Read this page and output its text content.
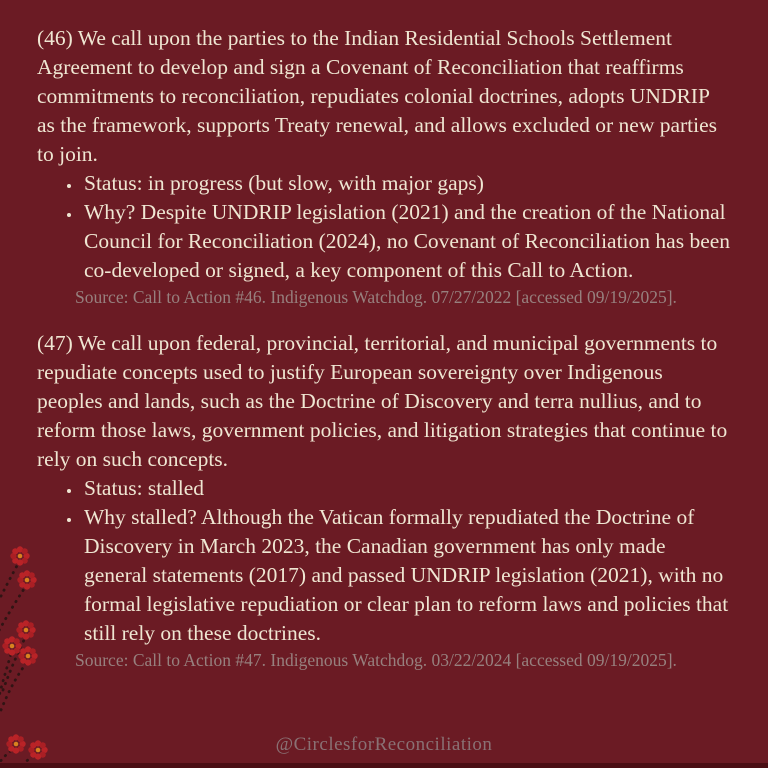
(46) We call upon the parties to the Indian Residential Schools Settlement Agreement to develop and sign a Covenant of Reconciliation that reaffirms commitments to reconciliation, repudiates colonial doctrines, adopts UNDRIP as the framework, supports Treaty renewal, and allows excluded or new parties to join.

• Status: in progress (but slow, with major gaps)
• Why? Despite UNDRIP legislation (2021) and the creation of the National Council for Reconciliation (2024), no Covenant of Reconciliation has been co-developed or signed, a key component of this Call to Action.

Source: Call to Action #46. Indigenous Watchdog. 07/27/2022 [accessed 09/19/2025].

(47) We call upon federal, provincial, territorial, and municipal governments to repudiate concepts used to justify European sovereignty over Indigenous peoples and lands, such as the Doctrine of Discovery and terra nullius, and to reform those laws, government policies, and litigation strategies that continue to rely on such concepts.

• Status: stalled
• Why stalled? Although the Vatican formally repudiated the Doctrine of Discovery in March 2023, the Canadian government has only made general statements (2017) and passed UNDRIP legislation (2021), with no formal legislative repudiation or clear plan to reform laws and policies that still rely on these doctrines.

Source: Call to Action #47. Indigenous Watchdog. 03/22/2024 [accessed 09/19/2025].

@CirclesforReconciliation
